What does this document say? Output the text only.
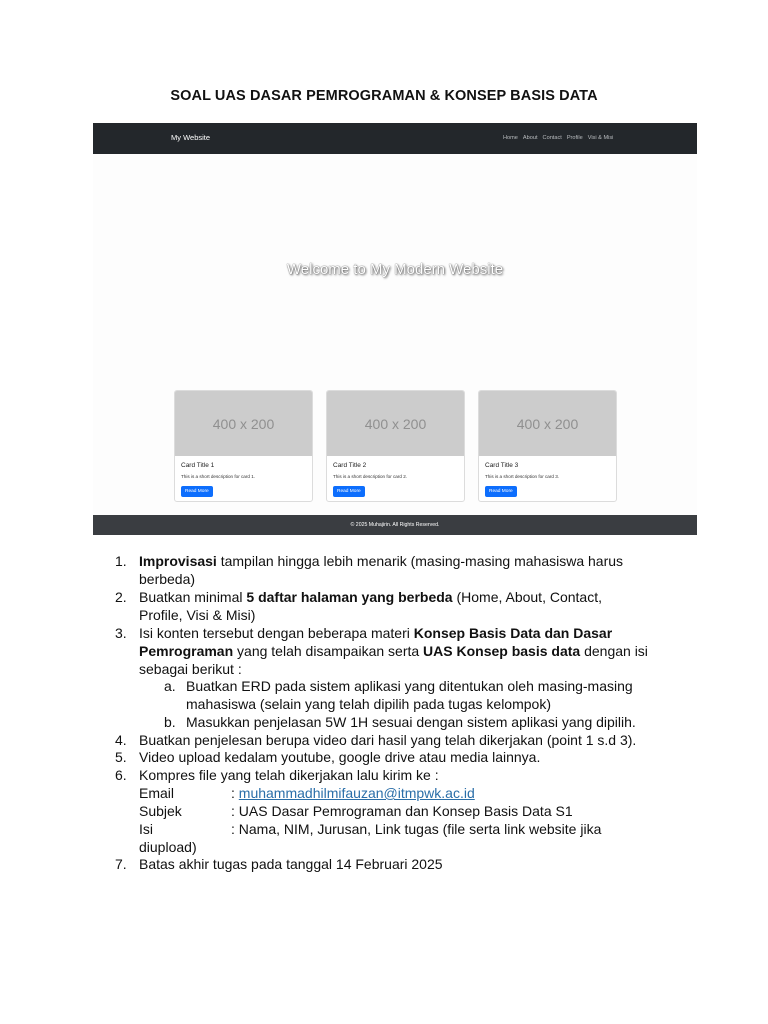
SOAL UAS DASAR PEMROGRAMAN & KONSEP BASIS DATA
My Website	Home About Contact Profile Visi & Misi
Welcome to My Modern Website
400 x 200
Card Title 1
This is a short description for card 1.
Read More
400 x 200
Card Title 2
This is a short description for card 2.
Read More
400 x 200
Card Title 3
This is a short description for card 3.
Read More
© 2025 Muhajirin. All Rights Reserved.
1. Improvisasi tampilan hingga lebih menarik (masing-masing mahasiswa harus
berbeda)
2. Buatkan minimal 5 daftar halaman yang berbeda (Home, About, Contact,
Profile, Visi & Misi)
3. Isi konten tersebut dengan beberapa materi Konsep Basis Data dan Dasar
Pemrograman yang telah disampaikan serta UAS Konsep basis data dengan isi
sebagai berikut :
a. Buatkan ERD pada sistem aplikasi yang ditentukan oleh masing-masing
mahasiswa (selain yang telah dipilih pada tugas kelompok)
b. Masukkan penjelasan 5W 1H sesuai dengan sistem aplikasi yang dipilih.
4. Buatkan penjelesan berupa video dari hasil yang telah dikerjakan (point 1 s.d 3).
5. Video upload kedalam youtube, google drive atau media lainnya.
6. Kompres file yang telah dikerjakan lalu kirim ke :
Email	: muhammadhilmifauzan@itmpwk.ac.id
Subjek	: UAS Dasar Pemrograman dan Konsep Basis Data S1
Isi	: Nama, NIM, Jurusan, Link tugas (file serta link website jika
diupload)
7. Batas akhir tugas pada tanggal 14 Februari 2025
